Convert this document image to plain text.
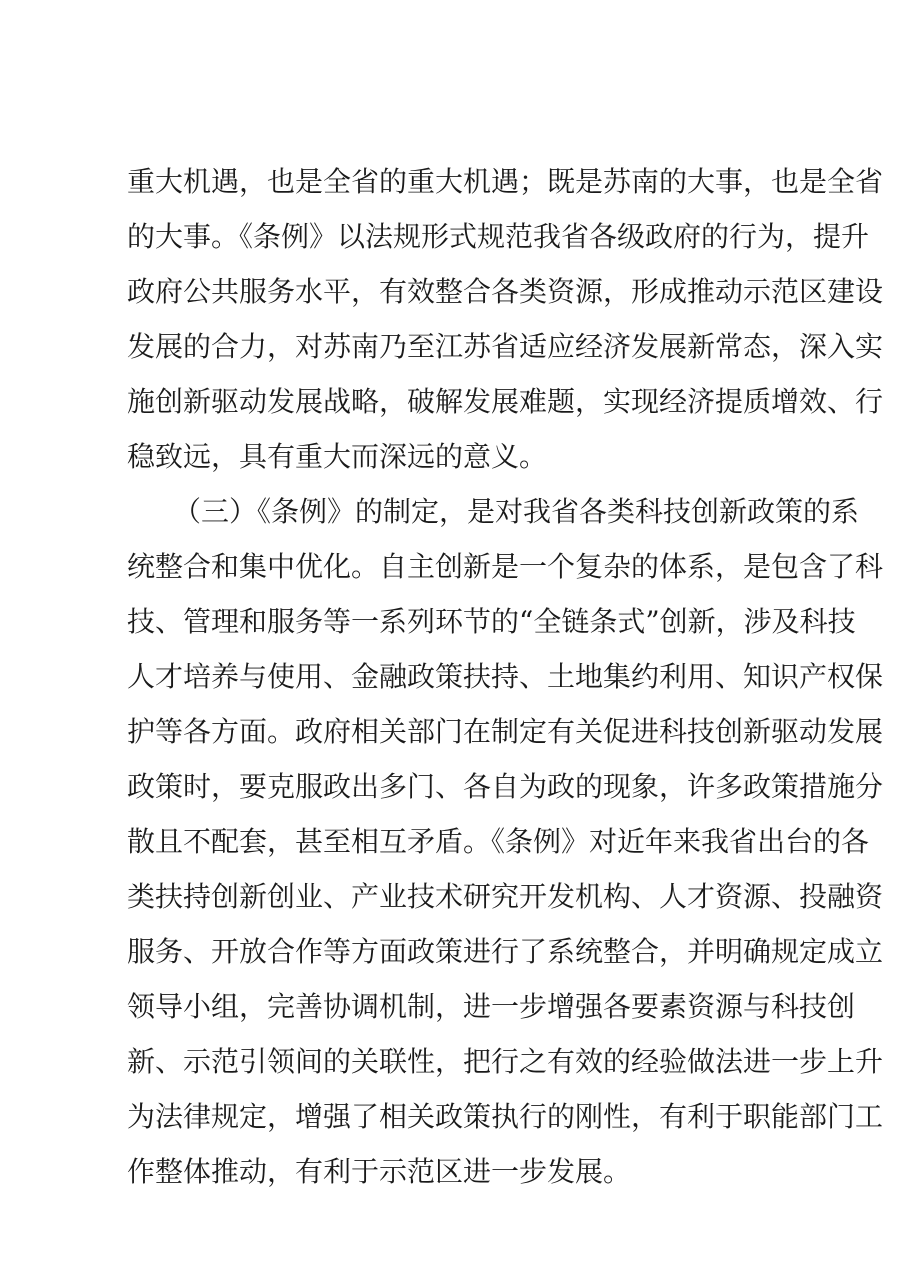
重大机遇，也是全省的重大机遇；既是苏南的大事，也是全省
的大事。《条例》以法规形式规范我省各级政府的行为，提升
政府公共服务水平，有效整合各类资源，形成推动示范区建设
发展的合力，对苏南乃至江苏省适应经济发展新常态，深入实
施创新驱动发展战略，破解发展难题，实现经济提质增效、行
稳致远，具有重大而深远的意义。
（三）《条例》的制定，是对我省各类科技创新政策的系
统整合和集中优化。自主创新是一个复杂的体系，是包含了科
技、管理和服务等一系列环节的“全链条式”创新，涉及科技
人才培养与使用、金融政策扶持、土地集约利用、知识产权保
护等各方面。政府相关部门在制定有关促进科技创新驱动发展
政策时，要克服政出多门、各自为政的现象，许多政策措施分
散且不配套，甚至相互矛盾。《条例》对近年来我省出台的各
类扶持创新创业、产业技术研究开发机构、人才资源、投融资
服务、开放合作等方面政策进行了系统整合，并明确规定成立
领导小组，完善协调机制，进一步增强各要素资源与科技创
新、示范引领间的关联性，把行之有效的经验做法进一步上升
为法律规定，增强了相关政策执行的刚性，有利于职能部门工
作整体推动，有利于示范区进一步发展。
